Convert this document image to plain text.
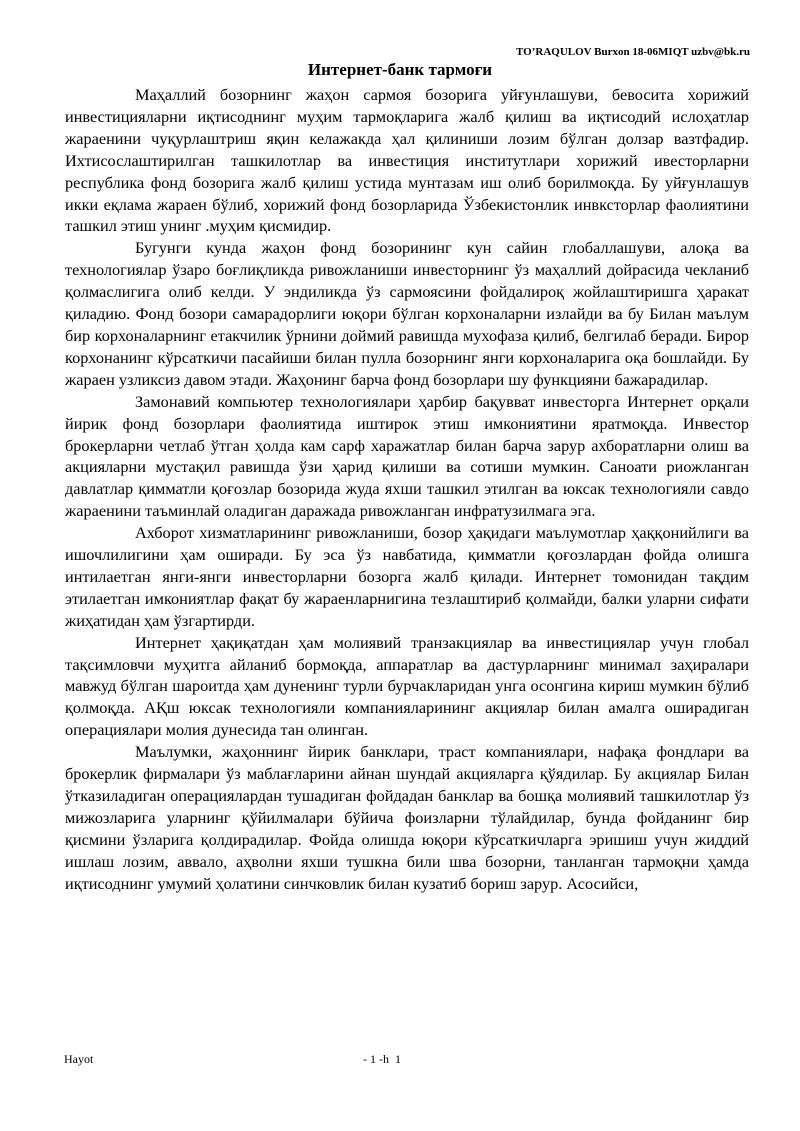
TO’RAQULOV Burxon 18-06MIQT uzbv@bk.ru
Интернет-банк тармоғи

Маҳаллий бозорнинг жаҳон сармоя бозорига уйғунлашуви, бевосита хорижий инвестицияларни иқтисоднинг муҳим тармоқларига жалб қилиш ва иқтисодий ислоҳатлар жараенини чуқурлаштриш яқин келажакда ҳал қилиниши лозим бўлган долзар вазтфадир. Ихтисослаштирилган ташкилотлар ва инвестиция институтлари хорижий ивесторларни республика фонд бозорига жалб қилиш устида мунтазам иш олиб борилмоқда. Бу уйғунлашув икки еқлама жараен бўлиб, хорижий фонд бозорларида Ўзбекистонлик инвксторлар фаолиятини ташкил этиш унинг .муҳим қисмидир.

Бугунги кунда жаҳон фонд бозорининг кун сайин глобаллашуви, алоқа ва технологиялар ўзаро боғлиқликда ривожланиши инвесторнинг ўз маҳаллий дойрасида чекланиб қолмаслигига олиб келди. У эндиликда ўз сармоясини фойдалироқ жойлаштиришга ҳаракат қиладию. Фонд бозори самарадорлиги юқори бўлган корхоналарни излайди ва бу Билан маълум бир корхоналарнинг етакчилик ўрнини доймий равишда мухофаза қилиб, белгилаб беради. Бирор корхонанинг кўрсаткичи пасайиши билан пулла бозорнинг янги корхоналарига оқа бошлайди. Бу жараен узликсиз давом этади. Жаҳонинг барча фонд бозорлари шу функцияни бажарадилар.

Замонавий компьютер технологиялари ҳарбир бақувват инвесторга Интернет орқали йирик фонд бозорлари фаолиятида иштирок этиш имкониятини яратмоқда. Инвестор брокерларни четлаб ўтган ҳолда кам сарф харажатлар билан барча зарур ахборатларни олиш ва акцияларни мустақил равишда ўзи ҳарид қилиши ва сотиши мумкин. Саноати риожланган давлатлар қимматли қоғозлар бозорида жуда яхши ташкил этилган ва юксак технологияли савдо жараенини таъминлай оладиган даражада ривожланган инфратузилмага эга.

Ахборот хизматларининг ривожланиши, бозор ҳақидаги маълумотлар ҳаққонийлиги ва ишочлилигини ҳам оширади. Бу эса ўз навбатида, қимматли қоғозлардан фойда олишга интилаетган янги-янги инвесторларни бозорга жалб қилади. Интернет томонидан тақдим этилаетган имкониятлар фақат бу жараенларнигина тезлаштириб қолмайди, балки уларни сифати жиҳатидан ҳам ўзгартирди.

Интернет ҳақиқатдан ҳам молиявий транзакциялар ва инвестициялар учун глобал тақсимловчи муҳитга айланиб бормоқда, аппаратлар ва дастурларнинг минимал заҳиралари мавжуд бўлган шароитда ҳам дуненинг турли бурчакларидан унга осонгина кириш мумкин бўлиб қолмоқда. АҚш юксак технологияли компанияларининг акциялар билан амалга оширадиган операциялари молия дунесида тан олинган.

Маълумки, жаҳоннинг йирик банклари, траст компаниялари, нафақа фондлари ва брокерлик фирмалари ўз маблағларини айнан шундай акцияларга қўядилар. Бу акциялар Билан ўтказиладиган операциялардан тушадиган фойдадан банклар ва бошқа молиявий ташкилотлар ўз мижозларига уларнинг қўйилмалари бўйича фоизларни тўлайдилар, бунда фойданинг бир қисмини ўзларига қолдирадилар. Фойда олишда юқори кўрсаткичларга эришиш учун жиддий ишлаш лозим, аввало, аҳволни яхши тушкна били шва бозорни, танланган тармоқни ҳамда иқтисоднинг умумий ҳолатини синчковлик билан кузатиб бориш зарур. Асосийси,

Hayot	- 1 -h  1
